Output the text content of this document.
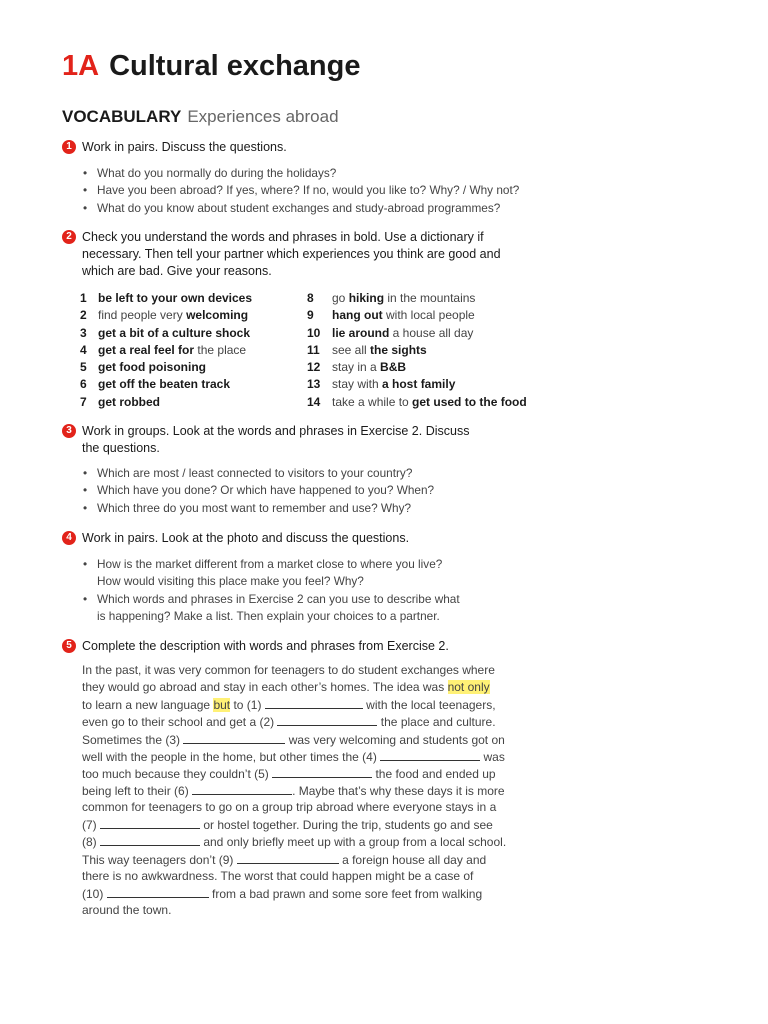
1A Cultural exchange
VOCABULARY Experiences abroad
1 Work in pairs. Discuss the questions.
• What do you normally do during the holidays?
• Have you been abroad? If yes, where? If no, would you like to? Why? / Why not?
• What do you know about student exchanges and study-abroad programmes?
2 Check you understand the words and phrases in bold. Use a dictionary if
necessary. Then tell your partner which experiences you think are good and
which are bad. Give your reasons.
1 be left to your own devices
2 find people very welcoming
3 get a bit of a culture shock
4 get a real feel for the place
5 get food poisoning
6 get off the beaten track
7 get robbed
8 go hiking in the mountains
9 hang out with local people
10 lie around a house all day
11 see all the sights
12 stay in a B&B
13 stay with a host family
14 take a while to get used to the food
3 Work in groups. Look at the words and phrases in Exercise 2. Discuss
the questions.
• Which are most / least connected to visitors to your country?
• Which have you done? Or which have happened to you? When?
• Which three do you most want to remember and use? Why?
4 Work in pairs. Look at the photo and discuss the questions.
• How is the market different from a market close to where you live?
How would visiting this place make you feel? Why?
• Which words and phrases in Exercise 2 can you use to describe what
is happening? Make a list. Then explain your choices to a partner.
5 Complete the description with words and phrases from Exercise 2.
In the past, it was very common for teenagers to do student exchanges where
they would go abroad and stay in each other’s homes. The idea was not only
to learn a new language but to (1)	with the local teenagers,
even go to their school and get a (2)	the place and culture.
Sometimes the (3)	was very welcoming and students got on
well with the people in the home, but other times the (4)	was
too much because they couldn’t (5)	the food and ended up
being left to their (6)	. Maybe that’s why these days it is more
common for teenagers to go on a group trip abroad where everyone stays in a
(7)	or hostel together. During the trip, students go and see
(8)	and only briefly meet up with a group from a local school.
This way teenagers don’t (9)	a foreign house all day and
there is no awkwardness. The worst that could happen might be a case of
(10)	from a bad prawn and some sore feet from walking
around the town.
